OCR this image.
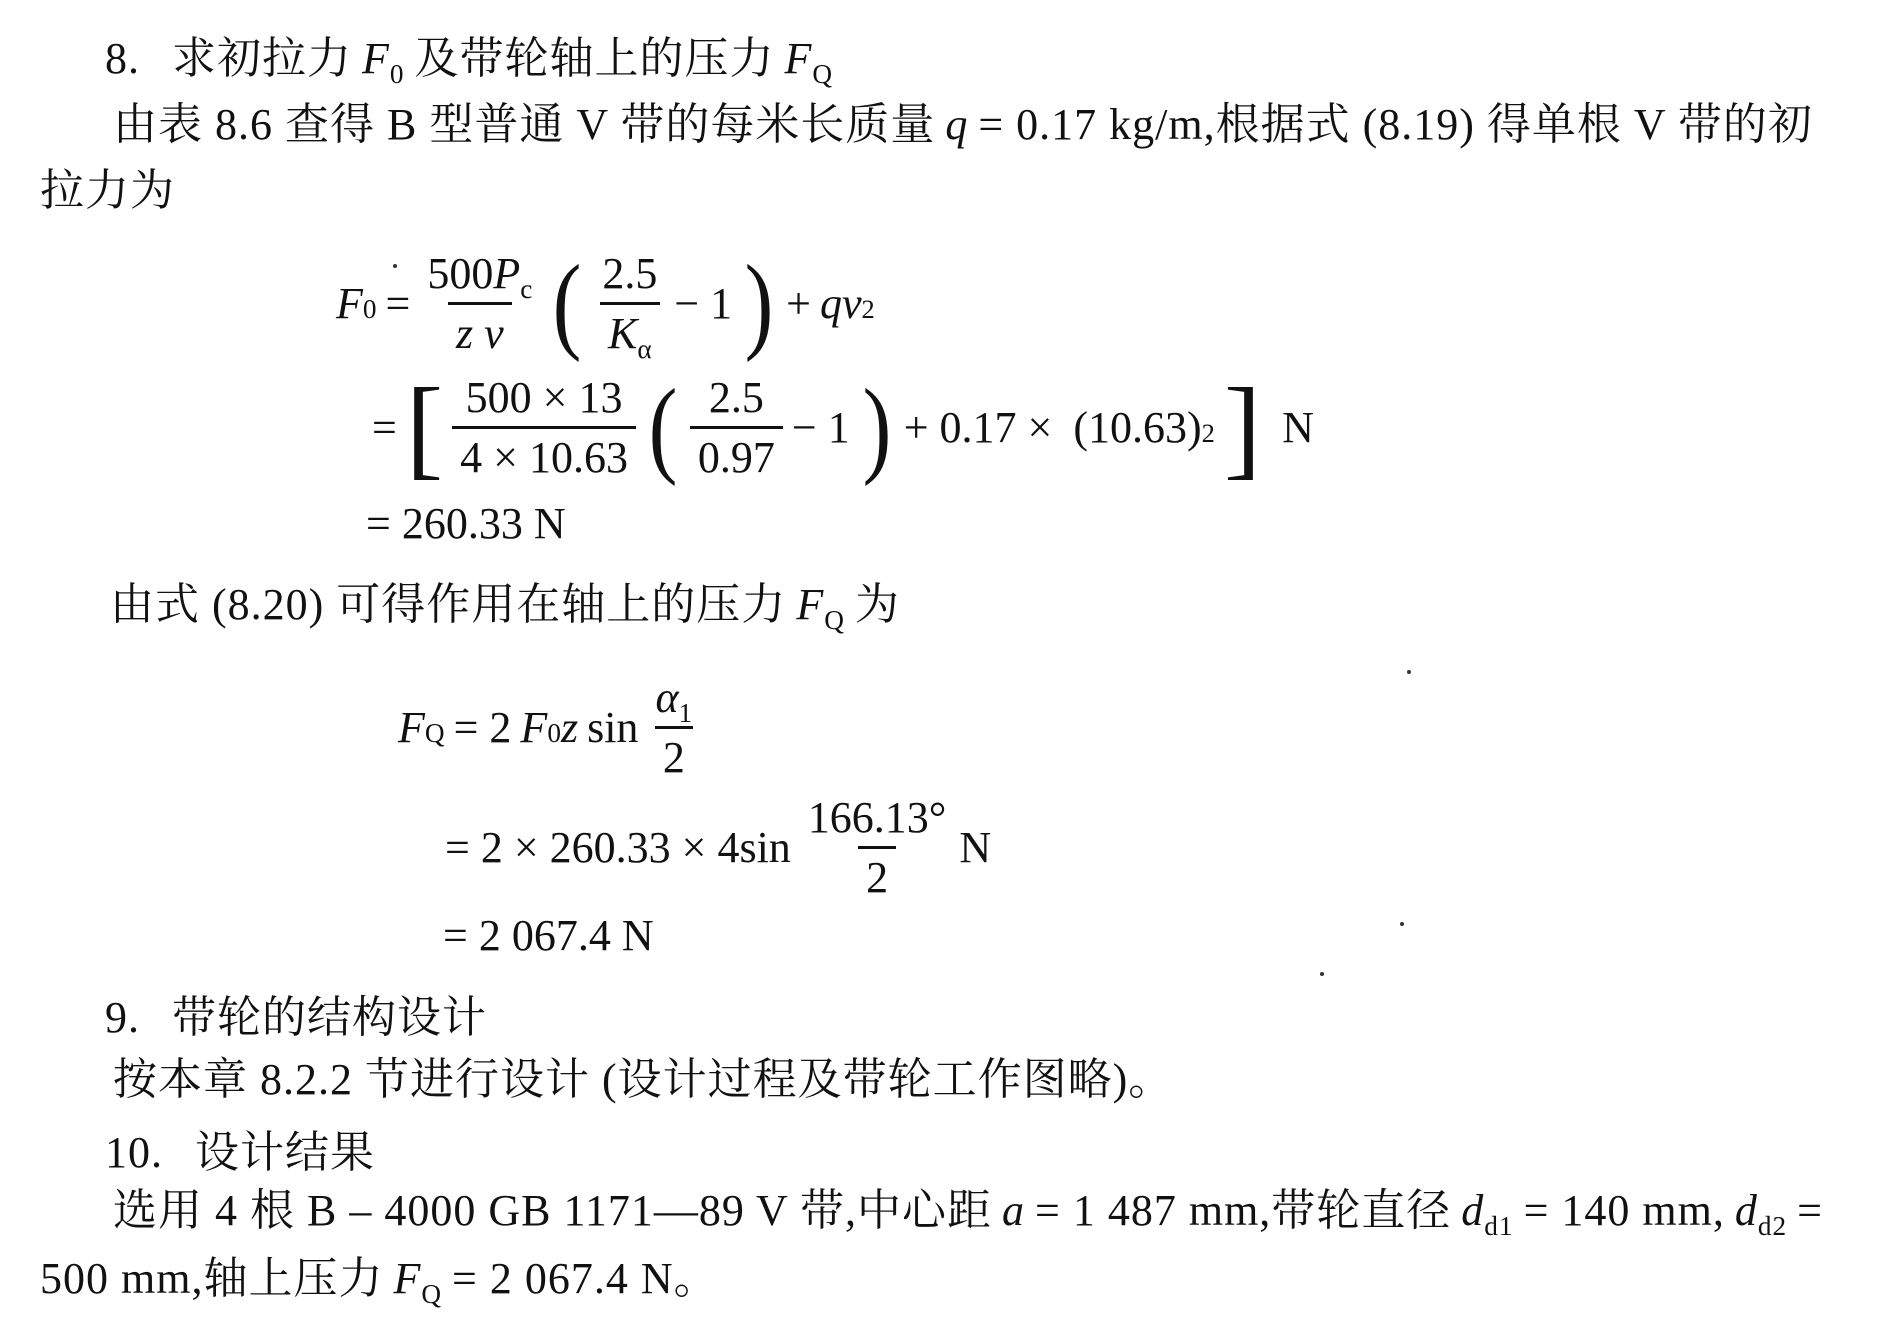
8. 求初拉力 $F_0$ 及带轮轴上的压力 $F_Q$
由表 8.6 查得 B 型普通 V 带的每米长质量 q = 0.17 kg/m,根据式 (8.19) 得单根 V 带的初
拉力为
F $0 = \frac{500P_c}{\text{z v}}$ ( $\frac{2.5}{K_\alpha} - 1$ ) + q v 2
= [ $\frac{500 \times 13}{4 \times 10.63}$ ( $\frac{2.5}{0.97} - 1$ ) + 0.17 × (10.63) 2 ] N
= 260.33 N
由式 (8.20) 可得作用在轴上的压力 $F_Q$ 为
F Q = 2 F 0 z $\sin \frac{\alpha_1}{2}$
= $2 \times 260.33 \times 4\sin \frac{166.13^\circ}{2}$ N
= 2 067.4 N
9. 带轮的结构设计
按本章 8.2.2 节进行设计 (设计过程及带轮工作图略)。
10. 设计结果
选用 4 根 B – 4000 GB 1171—89 V 带,中心距 a = 1 487 mm,带轮直径 $d_{d1} = 140$ mm, $d_{d2}$ =
500 mm,轴上压力 $F_Q = 2$ 067.4 N。
